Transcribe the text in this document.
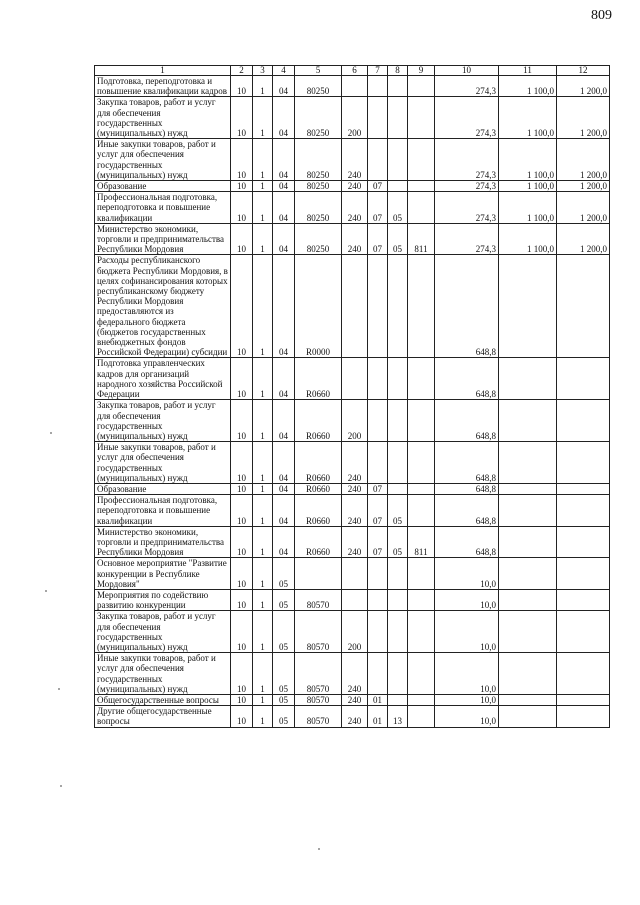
809
1	2	3	4	5	6	7	8	9	10	11	12
Подготовка, переподготовка и повышение квалификации кадров	10	1	04	80250					274,3	1 100,0	1 200,0
Закупка товаров, работ и услуг для обеспечения государственных (муниципальных) нужд	10	1	04	80250	200				274,3	1 100,0	1 200,0
Иные закупки товаров, работ и услуг для обеспечения государственных (муниципальных) нужд	10	1	04	80250	240				274,3	1 100,0	1 200,0
Образование	10	1	04	80250	240	07			274,3	1 100,0	1 200,0
Профессиональная подготовка, переподготовка и повышение квалификации	10	1	04	80250	240	07	05		274,3	1 100,0	1 200,0
Министерство экономики, торговли и предпринимательства Республики Мордовия	10	1	04	80250	240	07	05	811	274,3	1 100,0	1 200,0
Расходы республиканского бюджета Республики Мордовия, в целях софинансирования которых республиканскому бюджету Республики Мордовия предоставляются из федерального бюджета (бюджетов государственных внебюджетных фондов Российской Федерации) субсидии	10	1	04	R0000					648,8		
Подготовка управленческих кадров для организаций народного хозяйства Российской Федерации	10	1	04	R0660					648,8		
Закупка товаров, работ и услуг для обеспечения государственных (муниципальных) нужд	10	1	04	R0660	200				648,8		
Иные закупки товаров, работ и услуг для обеспечения государственных (муниципальных) нужд	10	1	04	R0660	240				648,8		
Образование	10	1	04	R0660	240	07			648,8		
Профессиональная подготовка, переподготовка и повышение квалификации	10	1	04	R0660	240	07	05		648,8		
Министерство экономики, торговли и предпринимательства Республики Мордовия	10	1	04	R0660	240	07	05	811	648,8		
Основное мероприятие "Развитие конкуренции в Республике Мордовия"	10	1	05						10,0		
Мероприятия по содействию развитию конкуренции	10	1	05	80570					10,0		
Закупка товаров, работ и услуг для обеспечения государственных (муниципальных) нужд	10	1	05	80570	200				10,0		
Иные закупки товаров, работ и услуг для обеспечения государственных (муниципальных) нужд	10	1	05	80570	240				10,0		
Общегосударственные вопросы	10	1	05	80570	240	01			10,0		
Другие общегосударственные вопросы	10	1	05	80570	240	01	13		10,0		
